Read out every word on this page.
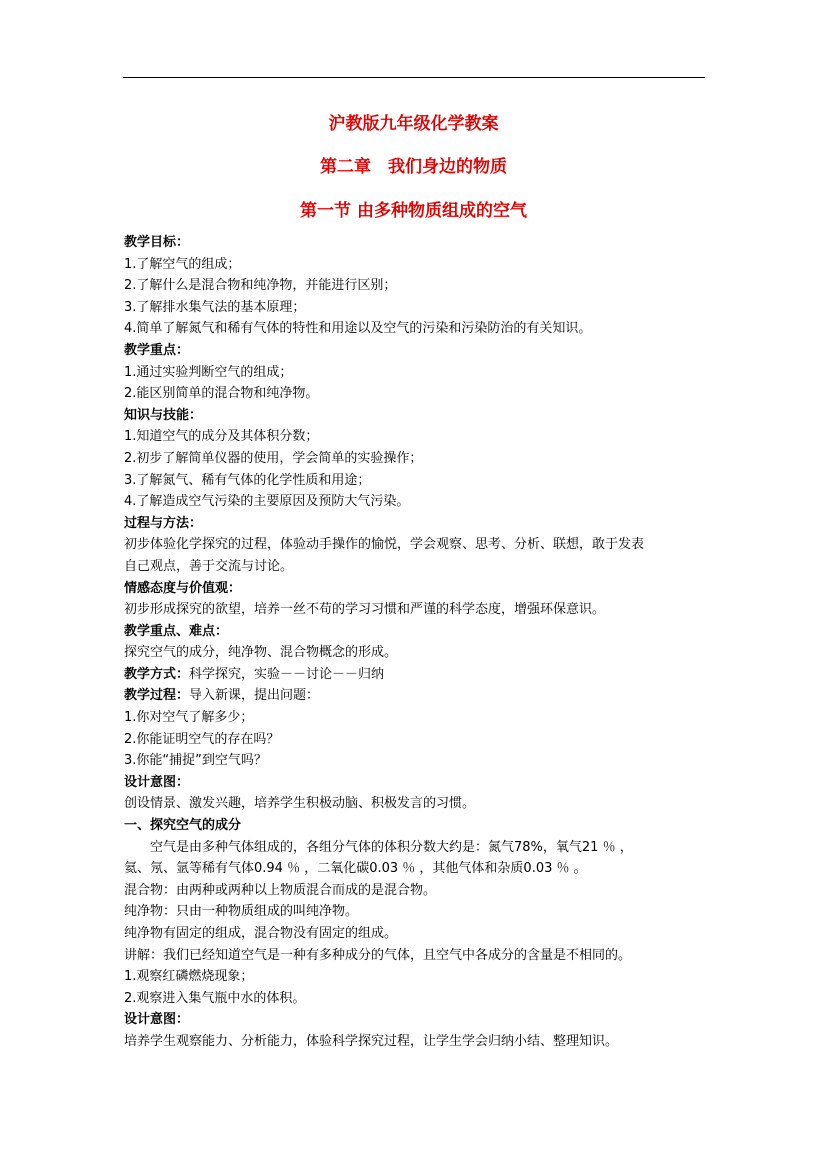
沪教版九年级化学教案
第二章　我们身边的物质
第一节 由多种物质组成的空气
教学目标：
1.了解空气的组成；
2.了解什么是混合物和纯净物，并能进行区别；
3.了解排水集气法的基本原理；
4.简单了解氮气和稀有气体的特性和用途以及空气的污染和污染防治的有关知识。
教学重点：
1.通过实验判断空气的组成；
2.能区别简单的混合物和纯净物。
知识与技能：
1.知道空气的成分及其体积分数；
2.初步了解简单仪器的使用，学会简单的实验操作；
3.了解氮气、稀有气体的化学性质和用途；
4.了解造成空气污染的主要原因及预防大气污染。
过程与方法：
初步体验化学探究的过程，体验动手操作的愉悦，学会观察、思考、分析、联想，敢于发表
自己观点，善于交流与讨论。
情感态度与价值观：
初步形成探究的欲望，培养一丝不苟的学习习惯和严谨的科学态度，增强环保意识。
教学重点、难点：
探究空气的成分，纯净物、混合物概念的形成。
教学方式：科学探究，实验－－讨论－－归纳
教学过程：导入新课，提出问题：
1.你对空气了解多少；
2.你能证明空气的存在吗？
3.你能“捕捉”到空气吗？
设计意图：
创设情景、激发兴趣，培养学生积极动脑、积极发言的习惯。
一、探究空气的成分
空气是由多种气体组成的，各组分气体的体积分数大约是：氮气78%，氧气21 ％ ，
氦、氖、氩等稀有气体0.94 ％ ，二氧化碳0.03 ％ ，其他气体和杂质0.03 ％ 。
混合物：由两种或两种以上物质混合而成的是混合物。
纯净物：只由一种物质组成的叫纯净物。
纯净物有固定的组成，混合物没有固定的组成。
讲解：我们已经知道空气是一种有多种成分的气体，且空气中各成分的含量是不相同的。
1.观察红磷燃烧现象；
2.观察进入集气瓶中水的体积。
设计意图：
培养学生观察能力、分析能力，体验科学探究过程，让学生学会归纳小结、整理知识。
